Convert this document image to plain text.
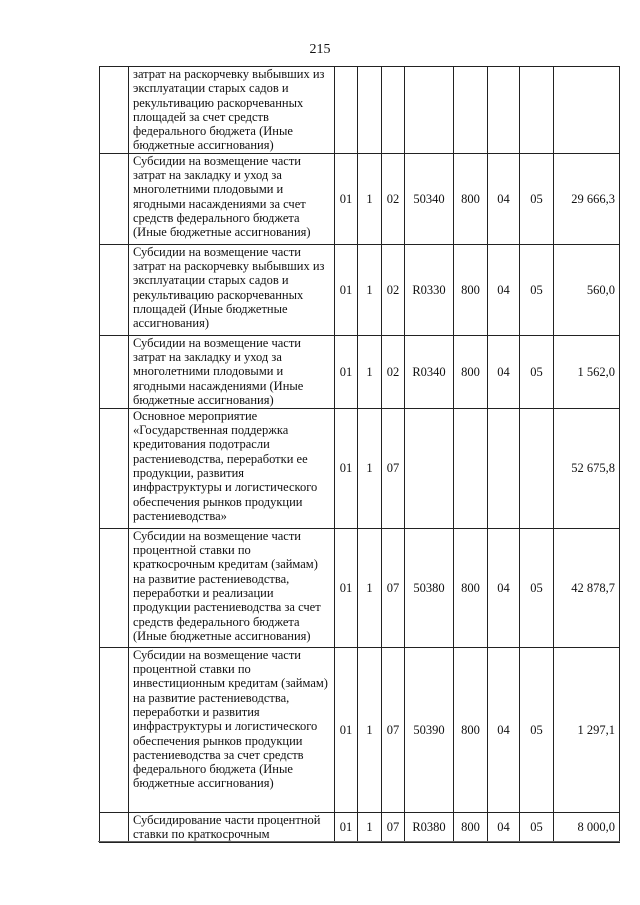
215
	затрат на раскорчевку выбывших из эксплуатации старых садов и рекультивацию раскорчеванных площадей за счет средств федерального бюджета (Иные бюджетные ассигнования)								
	Субсидии на возмещение части затрат на закладку и уход за многолетними плодовыми и ягодными насаждениями за счет средств федерального бюджета (Иные бюджетные ассигнования)	01	1	02	50340	800	04	05	29 666,3
	Субсидии на возмещение части затрат на раскорчевку выбывших из эксплуатации старых садов и рекультивацию раскорчеванных площадей (Иные бюджетные ассигнования)	01	1	02	R0330	800	04	05	560,0
	Субсидии на возмещение части затрат на закладку и уход за многолетними плодовыми и ягодными насаждениями (Иные бюджетные ассигнования)	01	1	02	R0340	800	04	05	1 562,0
	Основное мероприятие «Государственная поддержка кредитования подотрасли растениеводства, переработки ее продукции, развития инфраструктуры и логистического обеспечения рынков продукции растениеводства»	01	1	07					52 675,8
	Субсидии на возмещение части процентной ставки по краткосрочным кредитам (займам) на развитие растениеводства, переработки и реализации продукции растениеводства за счет средств федерального бюджета (Иные бюджетные ассигнования)	01	1	07	50380	800	04	05	42 878,7
	Субсидии на возмещение части процентной ставки по инвестиционным кредитам (займам) на развитие растениеводства, переработки и развития инфраструктуры и логистического обеспечения рынков продукции растениеводства за счет средств федерального бюджета (Иные бюджетные ассигнования)	01	1	07	50390	800	04	05	1 297,1
	Субсидирование части процентной ставки по краткосрочным	01	1	07	R0380	800	04	05	8 000,0
